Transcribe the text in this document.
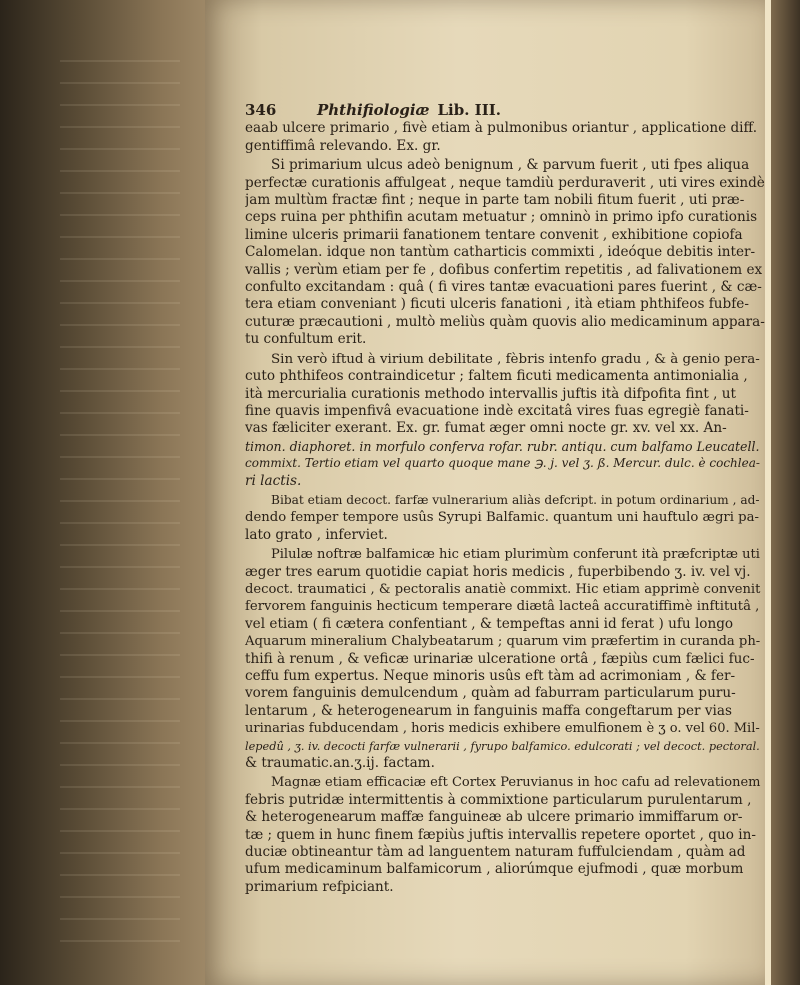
346	Phthifiologiæ Lib. III.
eaab ulcere primario , fivè etiam à pulmonibus oriantur , applicatione diff.
gentiffimâ relevando. Ex. gr.
Si primarium ulcus adeò benignum , & parvum fuerit , uti fpes aliqua
perfectæ curationis affulgeat , neque tamdiù perduraverit , uti vires exindè
jam multùm fractæ fint ; neque in parte tam nobili fitum fuerit , uti præ-
ceps ruina per phthifin acutam metuatur ; omninò in primo ipfo curationis
limine ulceris primarii fanationem tentare convenit , exhibitione copiofa
Calomelan. idque non tantùm catharticis commixti , ideóque debitis inter-
vallis ; verùm etiam per fe , dofibus confertim repetitis , ad falivationem ex
confulto excitandam : quâ ( fi vires tantæ evacuationi pares fuerint , & cæ-
tera etiam conveniant ) ficuti ulceris fanationi , ità etiam phthifeos fubfe-
cuturæ præcautioni , multò meliùs quàm quovis alio medicaminum appara-
tu confultum erit.
Sin verò iftud à virium debilitate , fèbris intenfo gradu , & à genio pera-
cuto phthifeos contraindicetur ; faltem ficuti medicamenta antimonialia ,
ità mercurialia curationis methodo intervallis juftis ità difpofita fint , ut
fine quavis impenfivâ evacuatione indè excitatâ vires fuas egregiè fanati-
vas fæliciter exerant. Ex. gr. fumat æger omni nocte gr. xv. vel xx. An-
timon. diaphoret. in morfulo conferva rofar. rubr. antiqu. cum balfamo Leucatell.
commixt. Tertio etiam vel quarto quoque mane ℈. j. vel ʒ. ß. Mercur. dulc. è cochlea-
ri lactis.
Bibat etiam decoct. farfæ vulnerarium aliàs defcript. in potum ordinarium , ad-
dendo femper tempore usûs Syrupi Balfamic. quantum uni hauftulo ægri pa-
lato grato , inferviet.
Pilulæ noftræ balfamicæ hic etiam plurimùm conferunt ità præfcriptæ uti
æger tres earum quotidie capiat horis medicis , fuperbibendo ʒ. iv. vel vj.
decoct. traumatici , & pectoralis anatiè commixt. Hic etiam apprimè convenit
fervorem fanguinis hecticum temperare diætâ lacteâ accuratiffimè inftitutâ ,
vel etiam ( fi cætera confentiant , & tempeftas anni id ferat ) ufu longo
Aquarum mineralium Chalybeatarum ; quarum vim præfertim in curanda ph-
thifi à renum , & veficæ urinariæ ulceratione ortâ , fæpiùs cum fælici fuc-
ceffu fum expertus. Neque minoris usûs eft tàm ad acrimoniam , & fer-
vorem fanguinis demulcendum , quàm ad faburram particularum puru-
lentarum , & heterogenearum in fanguinis maffa congeftarum per vias
urinarias fubducendam , horis medicis exhibere emulfionem è ʒ o. vel 60. Mil-
lepedû , ʒ. iv. decocti farfæ vulnerarii , fyrupo balfamico. edulcorati ; vel decoct. pectoral.
& traumatic.an.ʒ.ij. factam.
Magnæ etiam efficaciæ eft Cortex Peruvianus in hoc cafu ad relevationem
febris putridæ intermittentis à commixtione particularum purulentarum ,
& heterogenearum maffæ fanguineæ ab ulcere primario immiffarum or-
tæ ; quem in hunc finem fæpiùs juftis intervallis repetere oportet , quo in-
duciæ obtineantur tàm ad languentem naturam fuffulciendam , quàm ad
ufum medicaminum balfamicorum , aliorúmque ejufmodi , quæ morbum
primarium refpiciant.
